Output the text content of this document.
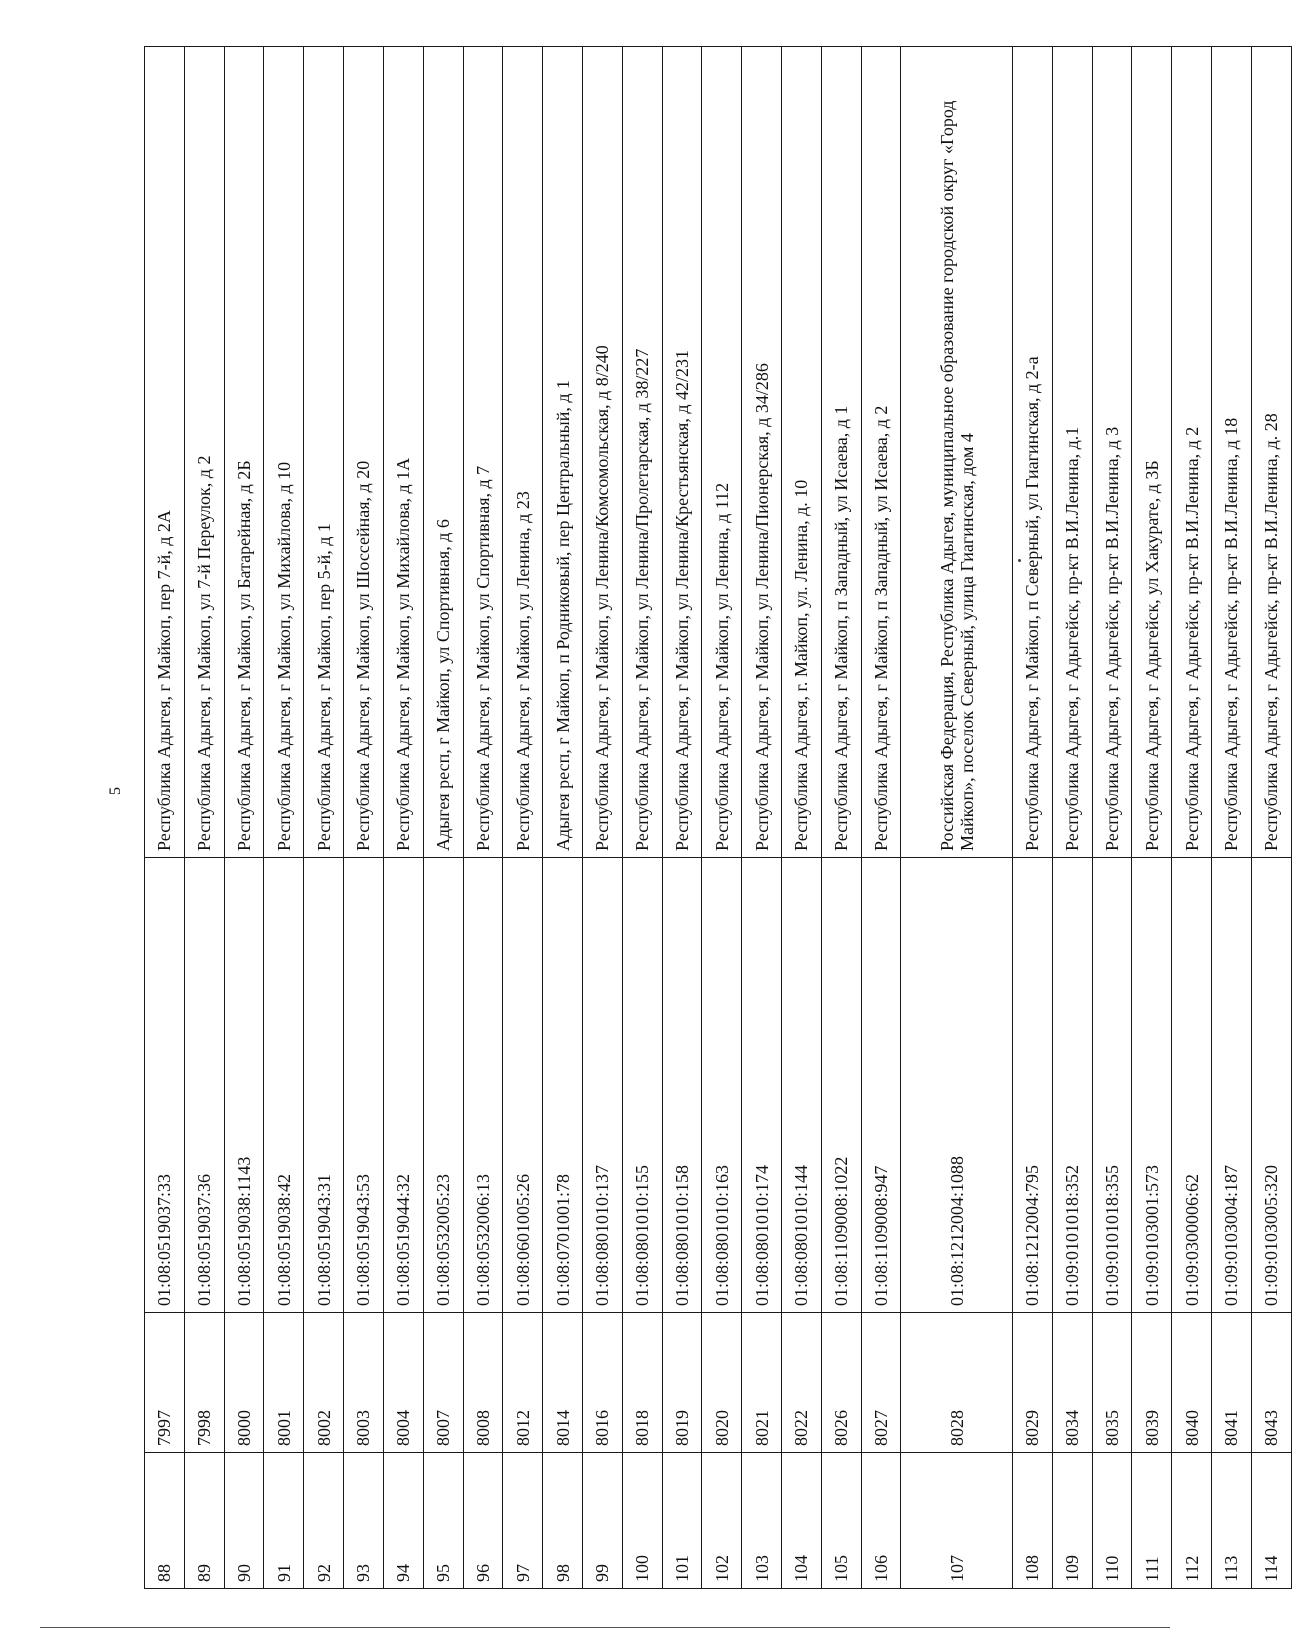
5
88	7997	01:08:0519037:33	Республика Адыгея, г Майкоп, пер 7-й, д 2А
89	7998	01:08:0519037:36	Республика Адыгея, г Майкоп, ул 7-й Переулок, д 2
90	8000	01:08:0519038:1143	Республика Адыгея, г Майкоп, ул Батарейная, д 2Б
91	8001	01:08:0519038:42	Республика Адыгея, г Майкоп, ул Михайлова, д 10
92	8002	01:08:0519043:31	Республика Адыгея, г Майкоп, пер 5-й, д 1
93	8003	01:08:0519043:53	Республика Адыгея, г Майкоп, ул Шоссейная, д 20
94	8004	01:08:0519044:32	Республика Адыгея, г Майкоп, ул Михайлова, д 1А
95	8007	01:08:0532005:23	Адыгея респ, г Майкоп, ул Спортивная, д 6
96	8008	01:08:0532006:13	Республика Адыгея, г Майкоп, ул Спортивная, д 7
97	8012	01:08:0601005:26	Республика Адыгея, г Майкоп, ул Ленина, д 23
98	8014	01:08:0701001:78	Адыгея респ, г Майкоп, п Родниковый, пер Центральный, д 1
99	8016	01:08:0801010:137	Республика Адыгея, г Майкоп, ул Ленина/Комсомольская, д 8/240
100	8018	01:08:0801010:155	Республика Адыгея, г Майкоп, ул Ленина/Пролетарская, д 38/227
101	8019	01:08:0801010:158	Республика Адыгея, г Майкоп, ул Ленина/Крестьянская, д 42/231
102	8020	01:08:0801010:163	Республика Адыгея, г Майкоп, ул Ленина, д 112
103	8021	01:08:0801010:174	Республика Адыгея, г Майкоп, ул Ленина/Пионерская, д 34/286
104	8022	01:08:0801010:144	Республика Адыгея, г. Майкоп, ул. Ленина, д. 10
105	8026	01:08:1109008:1022	Республика Адыгея, г Майкоп, п Западный, ул Исаева, д 1
106	8027	01:08:1109008:947	Республика Адыгея, г Майкоп, п Западный, ул Исаева, д 2
107	8028	01:08:1212004:1088	Российская Федерация, Республика Адыгея, муниципальное образование городской округ «Город Майкоп», поселок Северный, улица Гиагинская, дом 4
108	8029	01:08:1212004:795	Республика Адыгея, г Майкоп, п Северный, ул Гиагинская, д 2-а
109	8034	01:09:0101018:352	Республика Адыгея, г Адыгейск, пр-кт В.И.Ленина, д.1
110	8035	01:09:0101018:355	Республика Адыгея, г Адыгейск, пр-кт В.И.Ленина, д 3
111	8039	01:09:0103001:573	Республика Адыгея, г Адыгейск, ул Хакурате, д 3Б
112	8040	01:09:0300006:62	Республика Адыгея, г Адыгейск, пр-кт В.И.Ленина, д 2
113	8041	01:09:0103004:187	Республика Адыгея, г Адыгейск, пр-кт В.И.Ленина, д 18
114	8043	01:09:0103005:320	Республика Адыгея, г Адыгейск, пр-кт В.И.Ленина, д. 28
